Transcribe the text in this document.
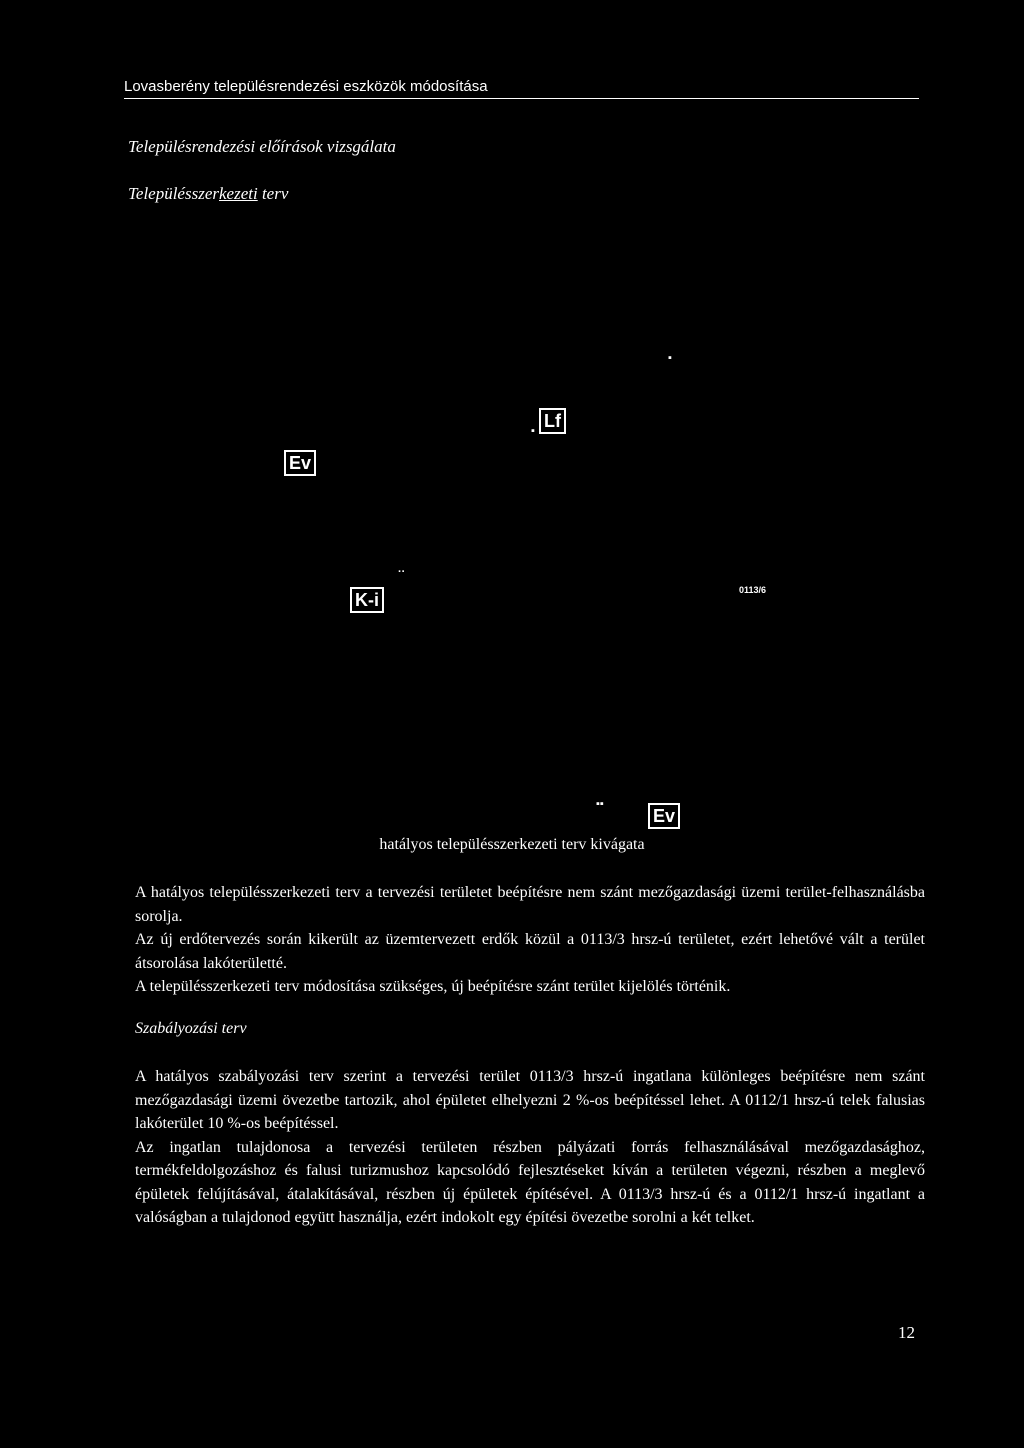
Lovasberény településrendezési eszközök módosítása
Településrendezési előírások vizsgálata
Településszerkezeti terv
▪
▪ Lf
Ev
··
K-i	0113/6
▪▪
Ev
hatályos településszerkezeti terv kivágata

A hatályos településszerkezeti terv a tervezési területet beépítésre nem szánt mezőgazdasági üzemi terület-felhasználásba sorolja.

Az új erdőtervezés során kikerült az üzemtervezett erdők közül a 0113/3 hrsz-ú területet, ezért lehetővé vált a terület átsorolása lakóterületté.

A településszerkezeti terv módosítása szükséges, új beépítésre szánt terület kijelölés történik.

Szabályozási terv

A hatályos szabályozási terv szerint a tervezési terület 0113/3 hrsz-ú ingatlana különleges beépítésre nem szánt mezőgazdasági üzemi övezetbe tartozik, ahol épületet elhelyezni 2 %-os beépítéssel lehet. A 0112/1 hrsz-ú telek falusias lakóterület 10 %-os beépítéssel.

Az ingatlan tulajdonosa a tervezési területen részben pályázati forrás felhasználásával mezőgazdasághoz, termékfeldolgozáshoz és falusi turizmushoz kapcsolódó fejlesztéseket kíván a területen végezni, részben a meglevő épületek felújításával, átalakításával, részben új épületek építésével. A 0113/3 hrsz-ú és a 0112/1 hrsz-ú ingatlant a valóságban a tulajdonod együtt használja, ezért indokolt egy építési övezetbe sorolni a két telket.

12
